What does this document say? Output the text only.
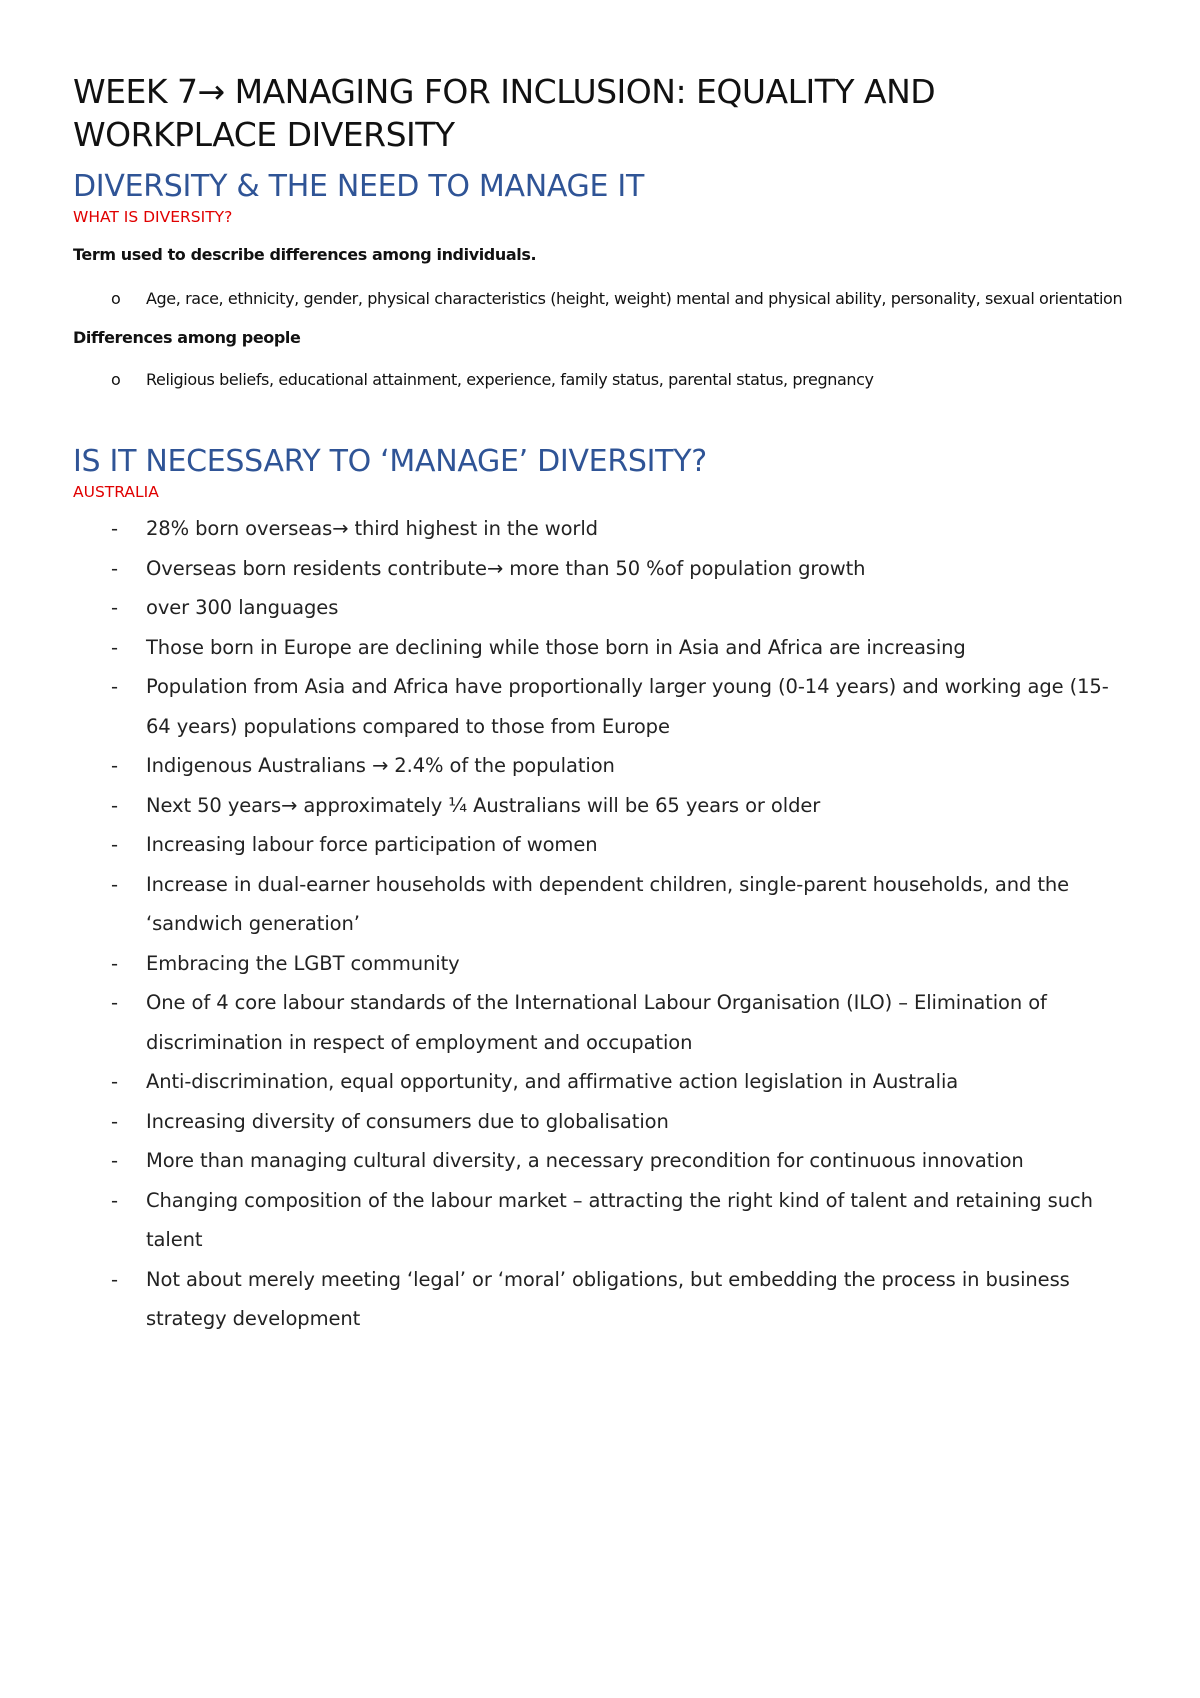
WEEK 7→ MANAGING FOR INCLUSION: EQUALITY AND
WORKPLACE DIVERSITY
DIVERSITY & THE NEED TO MANAGE IT
WHAT IS DIVERSITY?

Term used to describe differences among individuals.

o Age, race, ethnicity, gender, physical characteristics (height, weight) mental and physical ability, personality, sexual orientation

Differences among people

o Religious beliefs, educational attainment, experience, family status, parental status, pregnancy
IS IT NECESSARY TO ‘MANAGE’ DIVERSITY?
AUSTRALIA
- 28% born overseas→ third highest in the world
- Overseas born residents contribute→ more than 50 %of population growth
- over 300 languages
- Those born in Europe are declining while those born in Asia and Africa are increasing
- Population from Asia and Africa have proportionally larger young (0-14 years) and working age (15- 64 years) populations compared to those from Europe
- Indigenous Australians → 2.4% of the population
- Next 50 years→ approximately ¼ Australians will be 65 years or older
- Increasing labour force participation of women
- Increase in dual-earner households with dependent children, single-parent households, and the ‘sandwich generation’
- Embracing the LGBT community
- One of 4 core labour standards of the International Labour Organisation (ILO) – Elimination of discrimination in respect of employment and occupation
- Anti-discrimination, equal opportunity, and affirmative action legislation in Australia
- Increasing diversity of consumers due to globalisation
- More than managing cultural diversity, a necessary precondition for continuous innovation
- Changing composition of the labour market – attracting the right kind of talent and retaining such talent
- Not about merely meeting ‘legal’ or ‘moral’ obligations, but embedding the process in business strategy development
